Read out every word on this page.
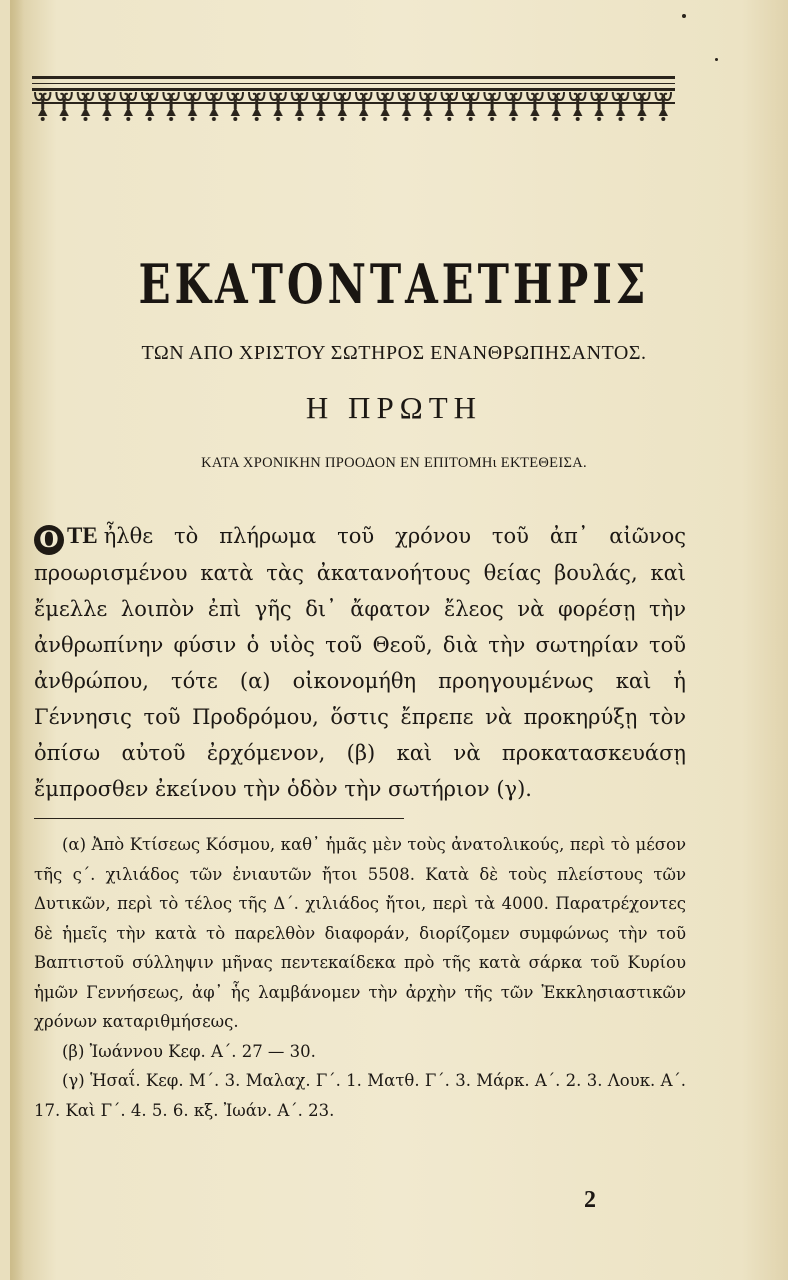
ΕΚΑΤΟΝΤΑΕΤΗΡΙΣ
ΤΩΝ ΑΠΟ ΧΡΙΣΤΟΥ ΣΩΤΗΡΟΣ ΕΝΑΝΘΡΩΠΗΣΑΝΤΟΣ.
Η ΠΡΩΤΗ
ΚΑΤΑ ΧΡΟΝΙΚΗΝ ΠΡΟΟΔΟΝ ΕΝ ΕΠΙΤΟΜΗι ΕΚΤΕΘΕΙΣΑ.
Ο ΤΕ ἦλθε τὸ πλήρωμα τοῦ χρόνου τοῦ ἀπ᾽ αἰῶνος προωρισμένου κατὰ τὰς ἀκατανοήτους θείας βουλάς, καὶ ἔμελλε λοιπὸν ἐπὶ γῆς δι᾽ ἄφατον ἔλεος νὰ φορέσῃ τὴν ἀνθρωπίνην φύσιν ὁ υἱὸς τοῦ Θεοῦ, διὰ τὴν σωτηρίαν τοῦ ἀνθρώπου, τότε (α) οἰκονομήθη προηγουμένως καὶ ἡ Γέννησις τοῦ Προδρόμου, ὅστις ἔπρεπε νὰ προκηρύξῃ τὸν ὀπίσω αὐτοῦ ἐρχόμενον, (β) καὶ νὰ προκατασκευάσῃ ἔμπροσθεν ἐκείνου τὴν ὁδὸν τὴν σωτήριον (γ).
(α) Ἀπὸ Κτίσεως Κόσμου, καθ᾽ ἡμᾶς μὲν τοὺς ἀνατολικούς, περὶ τὸ μέσον τῆς ς΄. χιλιάδος τῶν ἐνιαυτῶν ἤτοι 5508. Κατὰ δὲ τοὺς πλείστους τῶν Δυτικῶν, περὶ τὸ τέλος τῆς Δ΄. χιλιάδος ἤτοι, περὶ τὰ 4000. Παρατρέχοντες δὲ ἡμεῖς τὴν κατὰ τὸ παρελθὸν διαφοράν, διορίζομεν συμφώνως τὴν τοῦ Βαπτιστοῦ σύλληψιν μῆνας πεντεκαίδεκα πρὸ τῆς κατὰ σάρκα τοῦ Κυρίου ἡμῶν Γεννήσεως, ἀφ᾽ ἧς λαμβάνομεν τὴν ἀρχὴν τῆς τῶν Ἐκκλησιαστικῶν χρόνων καταριθμήσεως.
(β) Ἰωάννου Κεφ. Α΄. 27 — 30.
(γ) Ἡσαΐ. Κεφ. Μ΄. 3. Μαλαχ. Γ΄. 1. Ματθ. Γ΄. 3. Μάρκ. Α΄. 2. 3. Λουκ. Α΄. 17. Καὶ Γ΄. 4. 5. 6. κξ. Ἰωάν. Α΄. 23.
2
